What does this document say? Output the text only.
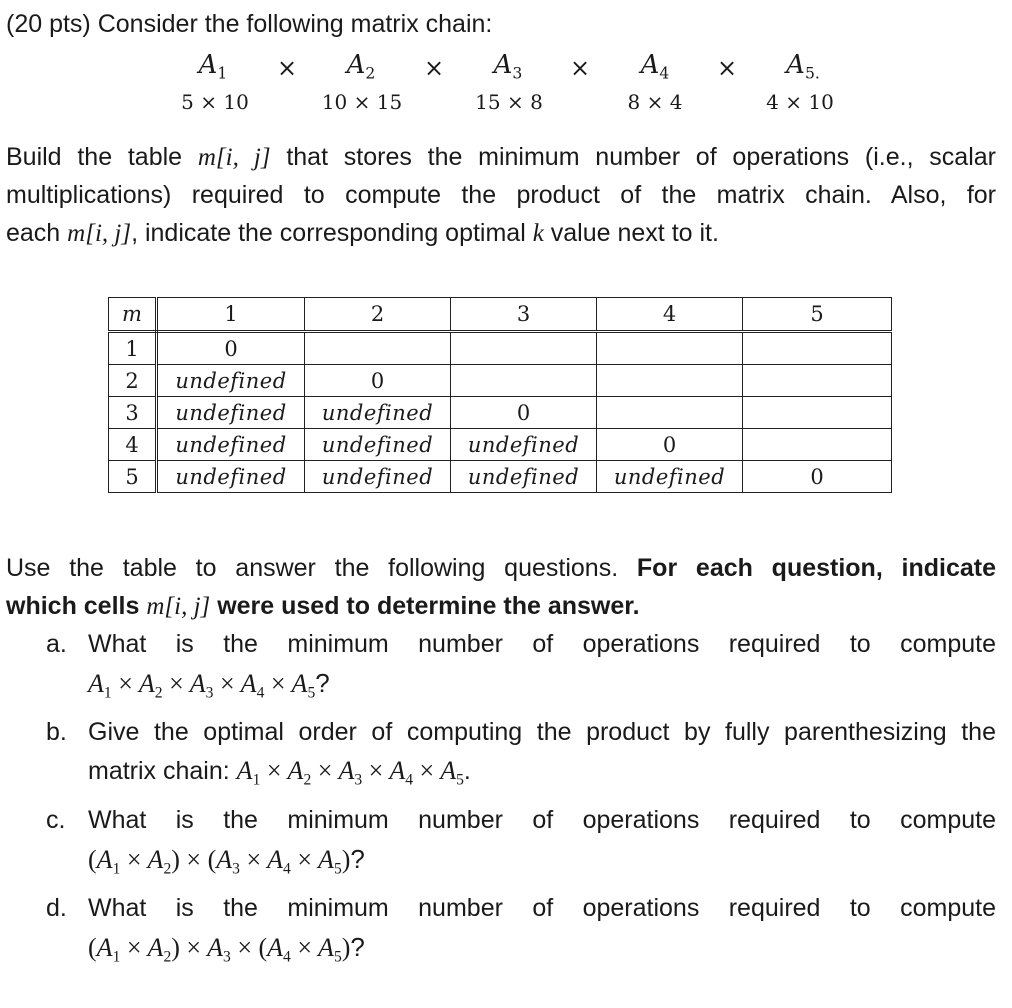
(20 pts) Consider the following matrix chain:
$A_1 \times A_2 \times A_3 \times A_4 \times A_{5.}$
5 × 10	10 × 15	15 × 8	8 × 4	4 × 10
Build the table m[i, j] that stores the minimum number of operations (i.e., scalar
multiplications) required to compute the product of the matrix chain. Also, for
each m[i, j], indicate the corresponding optimal k value next to it.
m	1	2	3	4	5
1	0				
2	undefined	0			
3	undefined	undefined	0		
4	undefined	undefined	undefined	0	
5	undefined	undefined	undefined	undefined	0
Use the table to answer the following questions. For each question, indicate
which cells m[i, j] were used to determine the answer.
a. What is the minimum number of operations required to compute
$A_1 \times A_2 \times A_3 \times A_4 \times A_5$?
b. Give the optimal order of computing the product by fully parenthesizing the
matrix chain: $A_1 \times A_2 \times A_3 \times A_4 \times A_5$.
c. What is the minimum number of operations required to compute
$(A_1 \times A_2) \times (A_3 \times A_4 \times A_5)$?
d. What is the minimum number of operations required to compute
$(A_1 \times A_2) \times A_3 \times (A_4 \times A_5)$?
